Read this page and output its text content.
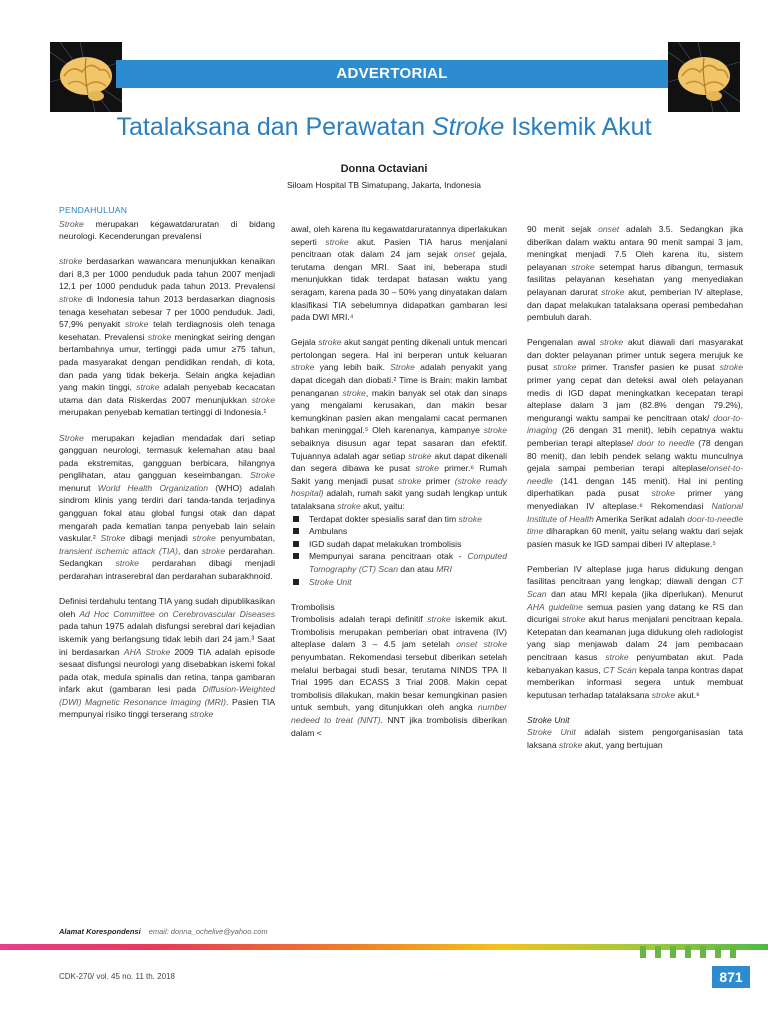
ADVERTORIAL
Tatalaksana dan Perawatan Stroke Iskemik Akut
Donna Octaviani
Siloam Hospital TB Simatupang, Jakarta, Indonesia
PENDAHULUAN

Stroke merupakan kegawatdaruratan di bidang neurologi. Kecenderungan prevalensi

stroke berdasarkan wawancara menunjukkan kenaikan dari 8,3 per 1000 penduduk pada tahun 2007 menjadi 12,1 per 1000 penduduk pada tahun 2013. Prevalensi stroke di Indonesia tahun 2013 berdasarkan diagnosis tenaga kesehatan sebesar 7 per 1000 penduduk. Jadi, 57,9% penyakit stroke telah terdiagnosis oleh tenaga kesehatan. Prevalensi stroke meningkat seiring dengan bertambahnya umur, tertinggi pada umur ≥75 tahun, pada masyarakat dengan pendidikan rendah, di kota, dan pada yang tidak bekerja. Selain angka kejadian yang makin tinggi, stroke adalah penyebab kecacatan utama dan data Riskerdas 2007 menunjukkan stroke merupakan penyebab kematian tertinggi di Indonesia.¹

Stroke merupakan kejadian mendadak dari setiap gangguan neurologi, termasuk kelemahan atau baal pada ekstremitas, gangguan berbicara, hilangnya penglihatan, atau gangguan keseimbangan. Stroke menurut World Health Organization (WHO) adalah sindrom klinis yang terdiri dari tanda-tanda terjadinya gangguan fokal atau global fungsi otak dan dapat mengarah pada kematian tanpa penyebab lain selain vaskular.² Stroke dibagi menjadi stroke penyumbatan, transient ischemic attack (TIA), dan stroke perdarahan. Sedangkan stroke perdarahan dibagi menjadi perdarahan intraserebral dan perdarahan subarakhnoid.

Definisi terdahulu tentang TIA yang sudah dipublikasikan oleh Ad Hoc Committee on Cerebrovascular Diseases pada tahun 1975 adalah disfungsi serebral dari kejadian iskemik yang berlangsung tidak lebih dari 24 jam.³ Saat ini berdasarkan AHA Stroke 2009 TIA adalah episode sesaat disfungsi neurologi yang disebabkan iskemi fokal pada otak, medula spinalis dan retina, tanpa gambaran infark akut (gambaran lesi pada Diffusion-Weighted (DWI) Magnetic Resonance Imaging (MRI). Pasien TIA mempunyai risiko tinggi terserang stroke

awal, oleh karena itu kegawatdaruratannya diperlakukan seperti stroke akut. Pasien TIA harus menjalani pencitraan otak dalam 24 jam sejak onset gejala, terutama dengan MRI. Saat ini, beberapa studi menunjukkan tidak terdapat batasan waktu yang seragam, karena pada 30 – 50% yang dinyatakan dalam klasifikasi TIA sebelumnya didapatkan gambaran lesi pada DWI MRI.⁴

Gejala stroke akut sangat penting dikenali untuk mencari pertolongan segera. Hal ini berperan untuk keluaran stroke yang lebih baik. Stroke adalah penyakit yang dapat dicegah dan diobati.² Time is Brain: makin lambat penanganan stroke, makin banyak sel otak dan sinaps yang mengalami kerusakan, dan makin besar kemungkinan pasien akan mengalami cacat permanen bahkan meninggal.⁵ Oleh karenanya, kampanye stroke sebaiknya disusun agar tepat sasaran dan efektif. Tujuannya adalah agar setiap stroke akut dapat dikenali dan segera dibawa ke pusat stroke primer.⁶ Rumah Sakit yang menjadi pusat stroke primer (stroke ready hospital) adalah, rumah sakit yang sudah lengkap untuk tatalaksana stroke akut, yaitu:

Terdapat dokter spesialis saraf dan tim stroke
Ambulans
IGD sudah dapat melakukan trombolisis
Mempunyai sarana pencitraan otak - Computed Tomography (CT) Scan dan atau MRI
Stroke Unit
Trombolisis

Trombolisis adalah terapi definitif stroke iskemik akut. Trombolisis merupakan pemberian obat intravena (IV) alteplase dalam 3 – 4.5 jam setelah onset stroke penyumbatan. Rekomendasi tersebut diberikan setelah melalui berbagai studi besar, terutama NINDS TPA II Trial 1995 dan ECASS 3 Trial 2008. Makin cepat trombolisis dilakukan, makin besar kemungkinan pasien untuk sembuh, yang ditunjukkan oleh angka number nedeed to treat (NNT). NNT jika trombolisis diberikan dalam <

90 menit sejak onset adalah 3.5. Sedangkan jika diberikan dalam waktu antara 90 menit sampai 3 jam, meningkat menjadi 7.5 Oleh karena itu, sistem pelayanan stroke setempat harus dibangun, termasuk fasilitas pelayanan kesehatan yang menyediakan pelayanan darurat stroke akut, pemberian IV alteplase, dan dapat melakukan tatalaksana operasi pembedahan pembuluh darah.

Pengenalan awal stroke akut diawali dari masyarakat dan dokter pelayanan primer untuk segera merujuk ke pusat stroke primer. Transfer pasien ke pusat stroke primer yang cepat dan deteksi awal oleh pelayanan medis di IGD dapat meningkatkan kecepatan terapi alteplase dalam 3 jam (82.8% dengan 79.2%), mengurangi waktu sampai ke pencitraan otak/ door-to-imaging (26 dengan 31 menit), lebih cepatnya waktu pemberian terapi alteplase/ door to needle (78 dengan 80 menit), dan lebih pendek selang waktu munculnya gejala sampai pemberian terapi alteplase/onset-to-needle (141 dengan 145 menit). Hal ini penting diperhatikan pada pusat stroke primer yang menyediakan IV alteplase.⁶ Rekomendasi National Institute of Health Amerika Serikat adalah door-to-needle time diharapkan 60 menit, yaitu selang waktu dari sejak pasien masuk ke IGD sampai diberi IV alteplase.⁵

Pemberian IV alteplase juga harus didukung dengan fasilitas pencitraan yang lengkap; diawali dengan CT Scan dan atau MRI kepala (jika diperlukan). Menurut AHA guideline semua pasien yang datang ke RS dan dicurigai stroke akut harus menjalani pencitraan kepala. Ketepatan dan keamanan juga didukung oleh radiologist yang siap menjawab dalam 24 jam pembacaan pencitraan kasus stroke penyumbatan akut. Pada kebanyakan kasus, CT Scan kepala tanpa kontras dapat memberikan informasi segera untuk membuat keputusan terhadap tatalaksana stroke akut.⁶

Stroke Unit

Stroke Unit adalah sistem pengorganisasian tata laksana stroke akut, yang bertujuan

Alamat Korespondensi email: donna_ochelive@yahoo.com
CDK-270/ vol. 45 no. 11 th. 2018	871
